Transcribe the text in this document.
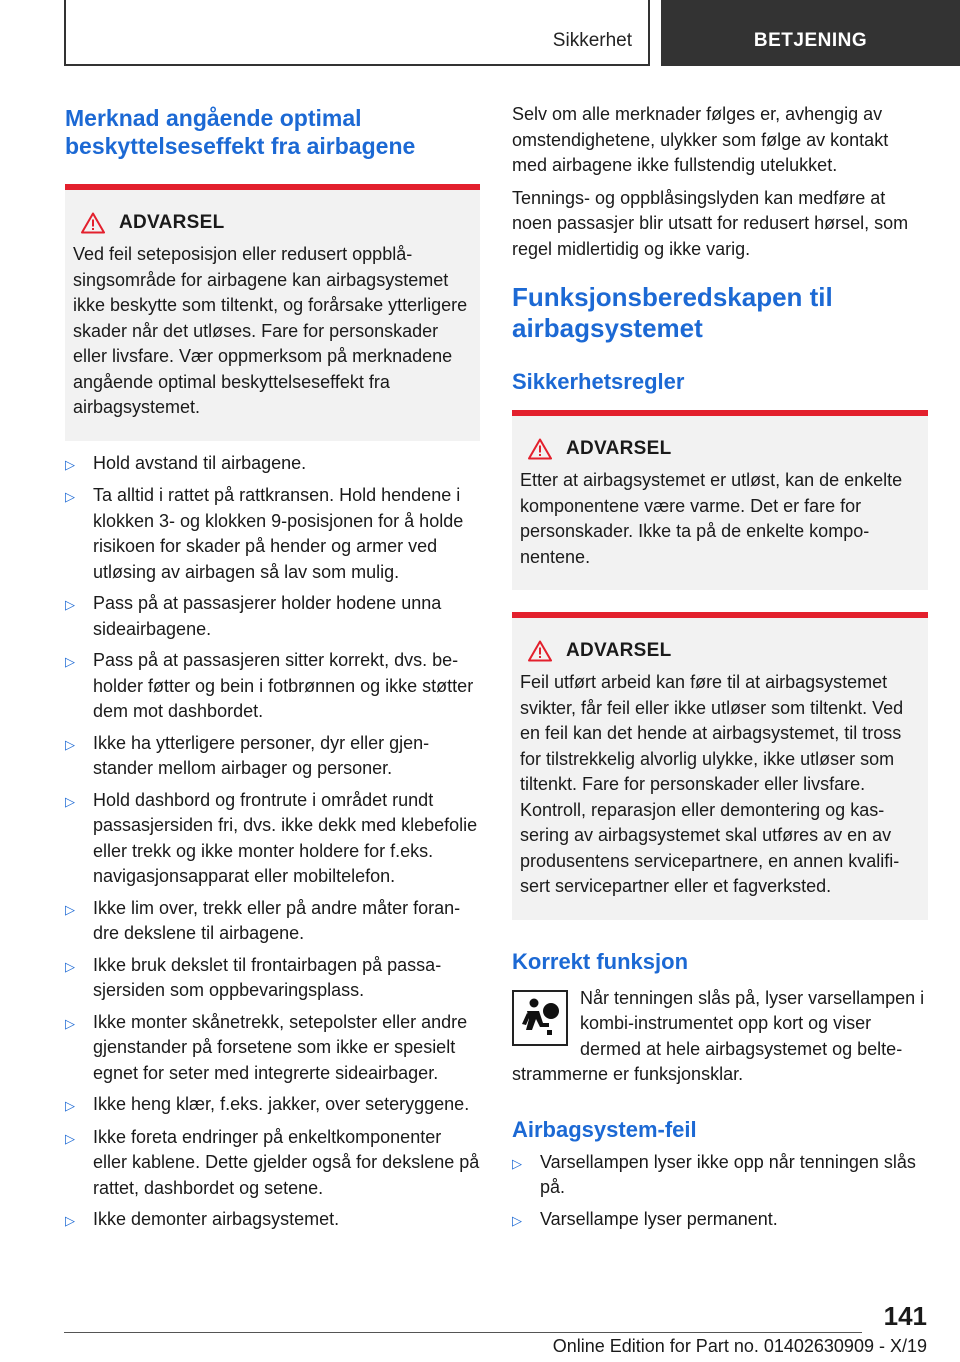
Sikkerhet	BETJENING
Merknad angående optimal beskyttelseseffekt fra airbagene
ADVARSEL

Ved feil seteposisjon eller redusert oppblåsingsområde for airbagene kan airbagsystemet ikke beskytte som tiltenkt, og forårsake ytterligere skader når det utløses. Fare for personskader eller livsfare. Vær oppmerksom på merknadene angående optimal beskyttelseseffekt fra airbagsystemet.

▷	Hold avstand til airbagene.
▷	Ta alltid i rattet på rattkransen. Hold hendene i klokken 3- og klokken 9-posisjonen for å holde risikoen for skader på hender og armer ved utløsing av airbagen så lav som mulig.
▷	Pass på at passasjerer holder hodene unna sideairbagene.
▷	Pass på at passasjeren sitter korrekt, dvs. beholder føtter og bein i fotbrønnen og ikke støtter dem mot dashbordet.
▷	Ikke ha ytterligere personer, dyr eller gjenstander mellom airbager og personer.
▷	Hold dashbord og frontrute i området rundt passasjersiden fri, dvs. ikke dekk med klebefolie eller trekk og ikke monter holdere for f.eks. navigasjonsapparat eller mobiltelefon.
▷	Ikke lim over, trekk eller på andre måter forandre dekslene til airbagene.
▷	Ikke bruk dekslet til frontairbagen på passasjersiden som oppbevaringsplass.
▷	Ikke monter skånetrekk, setepolster eller andre gjenstander på forsetene som ikke er spesielt egnet for seter med integrerte sideairbager.
▷	Ikke heng klær, f.eks. jakker, over seteryggene.
▷	Ikke foreta endringer på enkeltkomponenter eller kablene. Dette gjelder også for dekslene på rattet, dashbordet og setene.
▷	Ikke demonter airbagsystemet.

Selv om alle merknader følges er, avhengig av omstendighetene, ulykker som følge av kontakt med airbagene ikke fullstendig utelukket.

Tennings- og oppblåsingslyden kan medføre at noen passasjer blir utsatt for redusert hørsel, som regel midlertidig og ikke varig.

Funksjonsberedskapen til airbagsystemet
Sikkerhetsregler
ADVARSEL

Etter at airbagsystemet er utløst, kan de enkelte komponentene være varme. Det er fare for personskader. Ikke ta på de enkelte komponentene.

ADVARSEL

Feil utført arbeid kan føre til at airbagsystemet svikter, får feil eller ikke utløser som tiltenkt. Ved en feil kan det hende at airbagsystemet, til tross for tilstrekkelig alvorlig ulykke, ikke utløser som tiltenkt. Fare for personskader eller livsfare. Kontroll, reparasjon eller demontering og kassering av airbagsystemet skal utføres av en av produsentens servicepartnere, en annen kvalifisert servicepartner eller et fagverksted.

Korrekt funksjon

Når tenningen slås på, lyser varsellampen i kombi-instrumentet opp kort og viser dermed at hele airbagsystemet og beltestrammerne er funksjonsklar.

Airbagsystem-feil
▷	Varsellampen lyser ikke opp når tenningen slås på.
▷	Varsellampe lyser permanent.
141
Online Edition for Part no. 01402630909 - X/19
